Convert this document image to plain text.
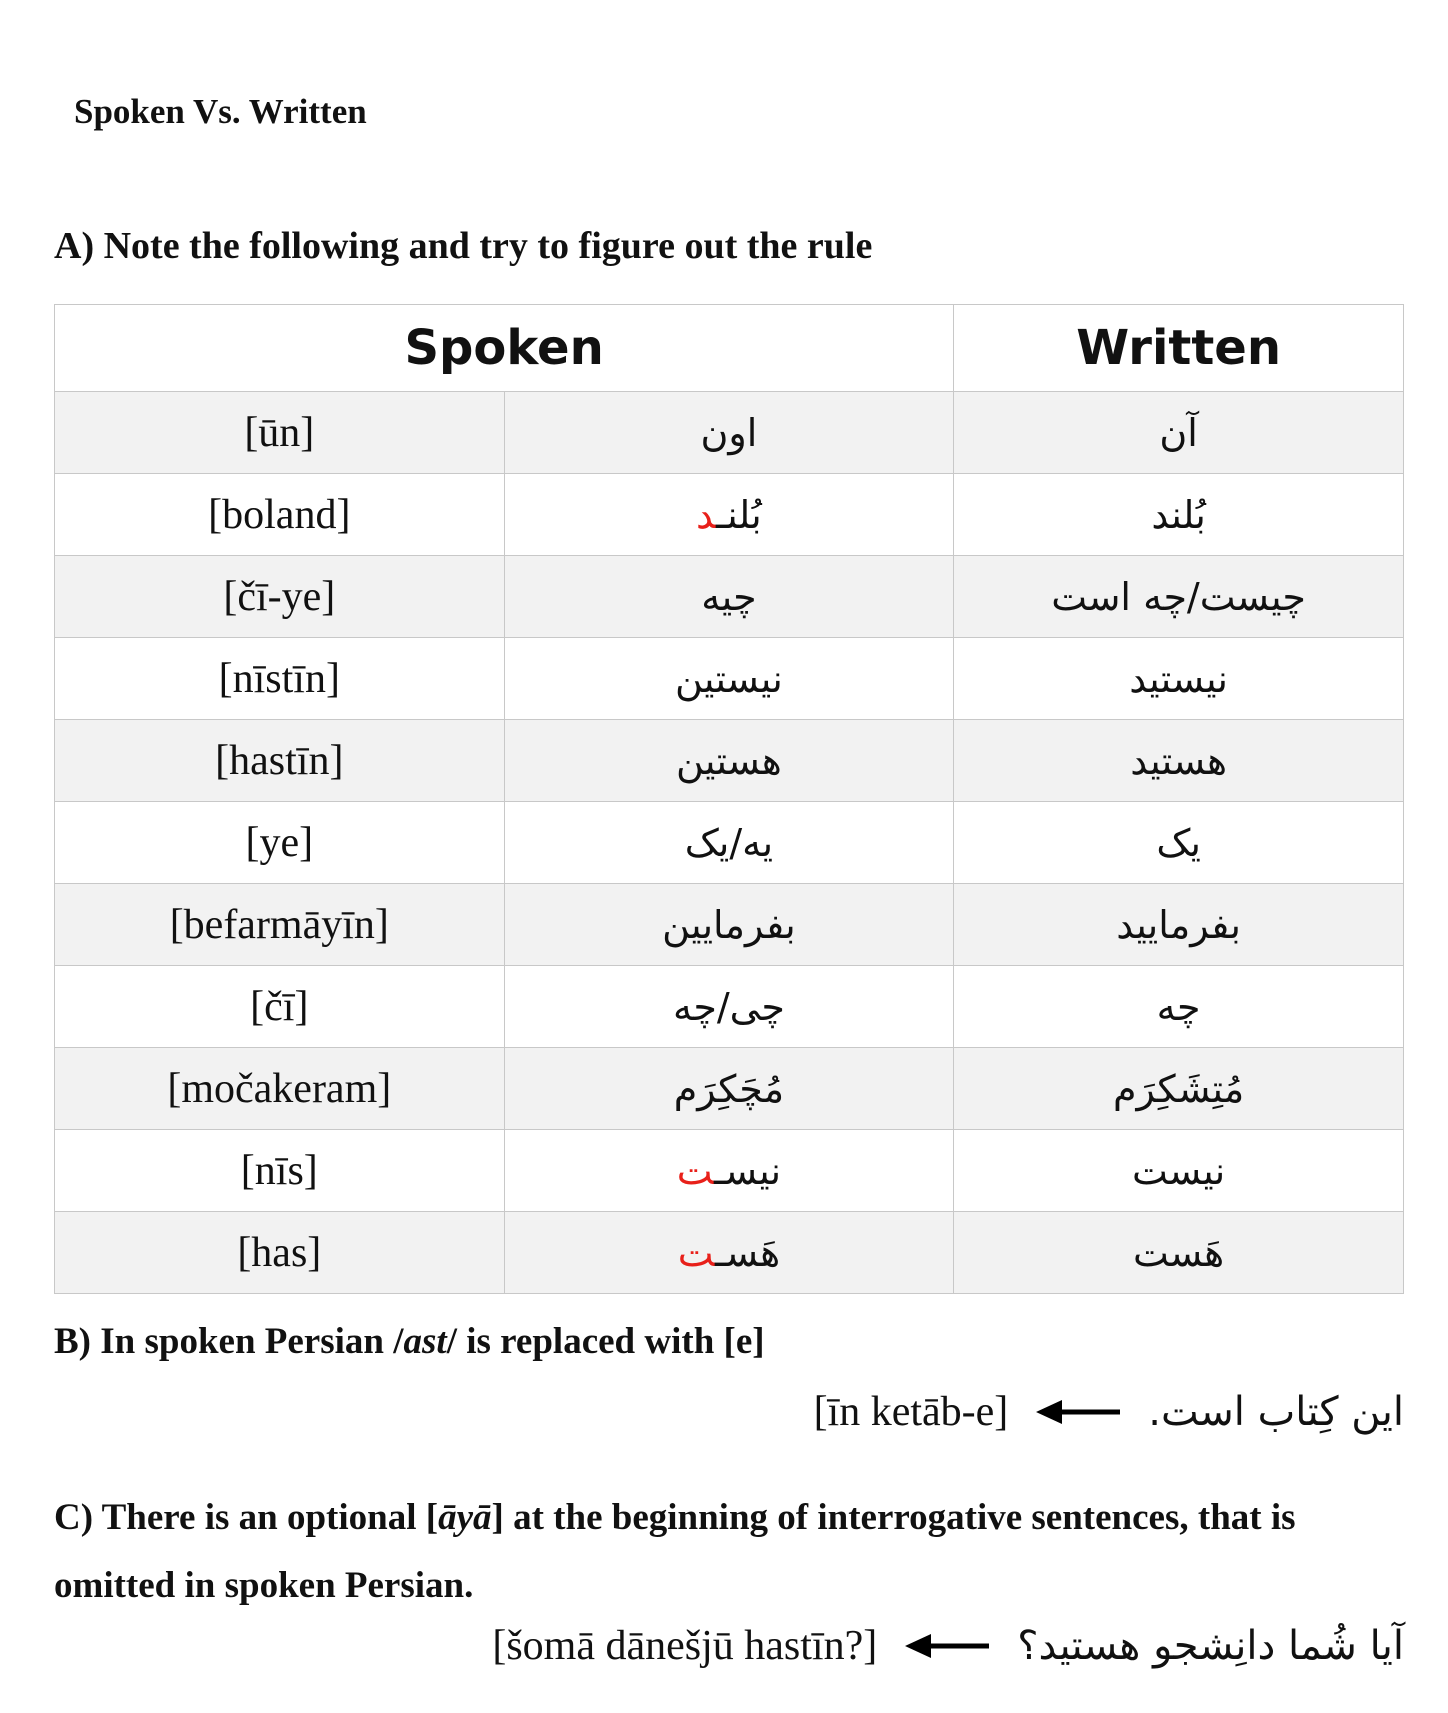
Spoken Vs. Written

A) Note the following and try to figure out the rule

Spoken		Written
[ūn]	اون	آن
[boland]	بُلنـد	بُلند
[čī-ye]	چیه	چیست/چه است
[nīstīn]	نیستین	نیستید
[hastīn]	هستین	هستید
[ye]	یه/یک	یک
[befarmāyīn]	بفرمایین	بفرمایید
[čī]	چی/چه	چه
[močakeram]	مُچَکِرَم	مُتِشَکِرَم
[nīs]	نیسـت	نیست
[has]	هَسـت	هَست

B) In spoken Persian /ast/ is replaced with [e]

[īn ketāb-e]	این کِتاب است.

C) There is an optional [āyā] at the beginning of interrogative sentences, that is omitted in spoken Persian.

[šomā dānešjū hastīn?]	آیا شُما دانِشجو هستید؟
